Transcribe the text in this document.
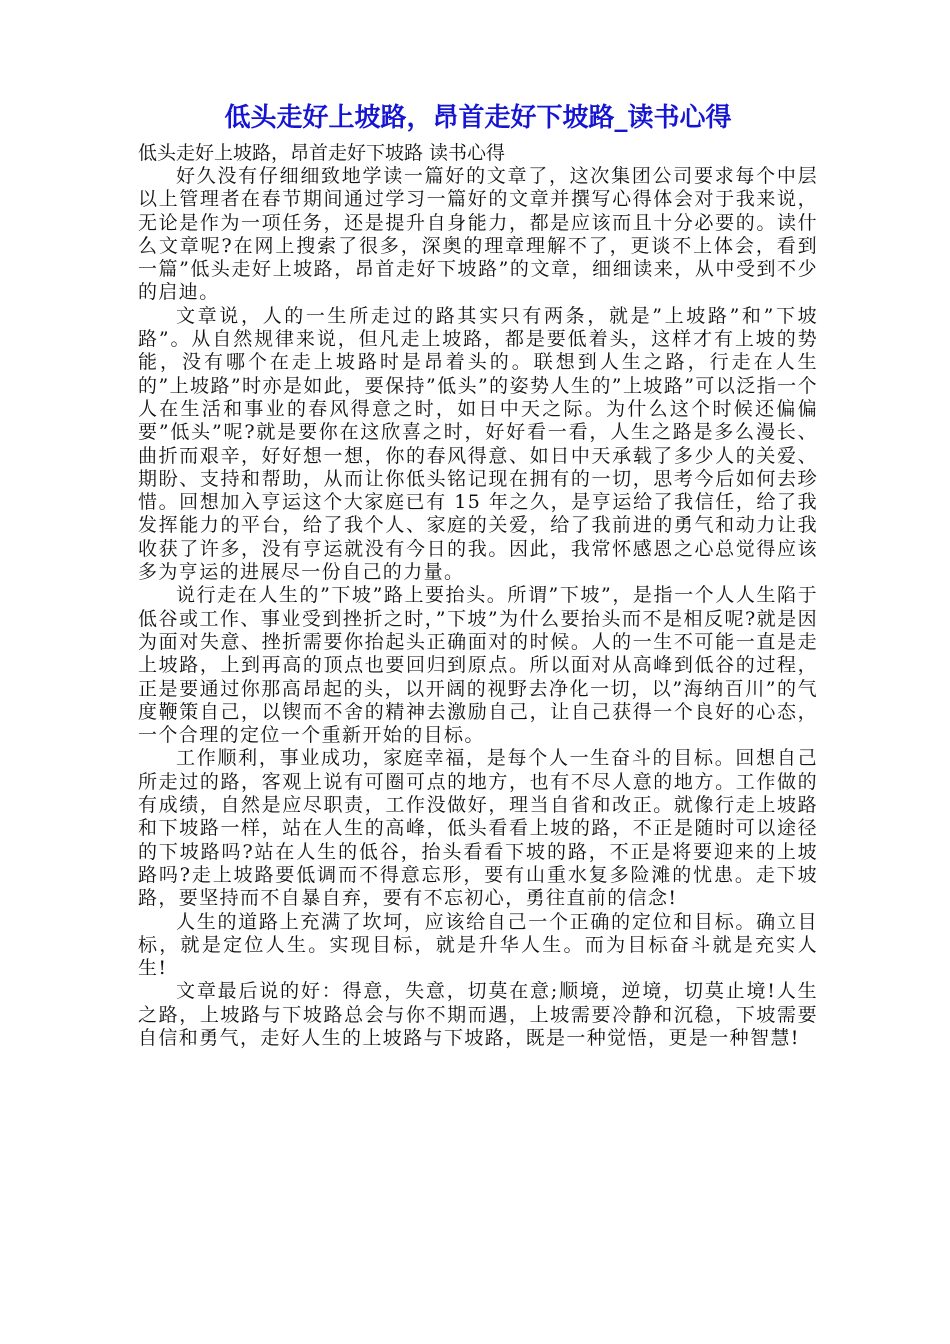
低头走好上坡路，昂首走好下坡路_读书心得

低头走好上坡路，昂首走好下坡路 读书心得

好久没有仔细细致地学读一篇好的文章了，这次集团公司要求每个中层以上管理者在春节期间通过学习一篇好的文章并撰写心得体会对于我来说，无论是作为一项任务，还是提升自身能力，都是应该而且十分必要的。读什么文章呢?在网上搜索了很多，深奥的理章理解不了，更谈不上体会，看到一篇”低头走好上坡路，昂首走好下坡路”的文章，细细读来，从中受到不少的启迪。

文章说，人的一生所走过的路其实只有两条，就是”上坡路”和”下坡路”。从自然规律来说，但凡走上坡路，都是要低着头，这样才有上坡的势能，没有哪个在走上坡路时是昂着头的。联想到人生之路，行走在人生的”上坡路”时亦是如此，要保持”低头”的姿势人生的”上坡路”可以泛指一个人在生活和事业的春风得意之时，如日中天之际。为什么这个时候还偏偏要”低头”呢?就是要你在这欣喜之时，好好看一看，人生之路是多么漫长、曲折而艰辛，好好想一想，你的春风得意、如日中天承载了多少人的关爱、期盼、支持和帮助，从而让你低头铭记现在拥有的一切，思考今后如何去珍惜。回想加入亨运这个大家庭已有 15 年之久，是亨运给了我信任，给了我发挥能力的平台，给了我个人、家庭的关爱，给了我前进的勇气和动力让我收获了许多，没有亨运就没有今日的我。因此，我常怀感恩之心总觉得应该多为亨运的进展尽一份自己的力量。

说行走在人生的”下坡”路上要抬头。所谓”下坡”，是指一个人人生陷于低谷或工作、事业受到挫折之时，”下坡”为什么要抬头而不是相反呢?就是因为面对失意、挫折需要你抬起头正确面对的时候。人的一生不可能一直是走上坡路，上到再高的顶点也要回归到原点。所以面对从高峰到低谷的过程，正是要通过你那高昂起的头，以开阔的视野去净化一切，以”海纳百川”的气度鞭策自己，以锲而不舍的精神去激励自己，让自己获得一个良好的心态，一个合理的定位一个重新开始的目标。

工作顺利，事业成功，家庭幸福，是每个人一生奋斗的目标。回想自己所走过的路，客观上说有可圈可点的地方，也有不尽人意的地方。工作做的有成绩，自然是应尽职责，工作没做好，理当自省和改正。就像行走上坡路和下坡路一样，站在人生的高峰，低头看看上坡的路，不正是随时可以途径的下坡路吗?站在人生的低谷，抬头看看下坡的路，不正是将要迎来的上坡路吗?走上坡路要低调而不得意忘形，要有山重水复多险滩的忧患。走下坡路，要坚持而不自暴自弃，要有不忘初心，勇往直前的信念!

人生的道路上充满了坎坷，应该给自己一个正确的定位和目标。确立目标，就是定位人生。实现目标，就是升华人生。而为目标奋斗就是充实人生!

文章最后说的好：得意，失意，切莫在意;顺境，逆境，切莫止境!人生之路，上坡路与下坡路总会与你不期而遇，上坡需要冷静和沉稳，下坡需要自信和勇气，走好人生的上坡路与下坡路，既是一种觉悟，更是一种智慧!
